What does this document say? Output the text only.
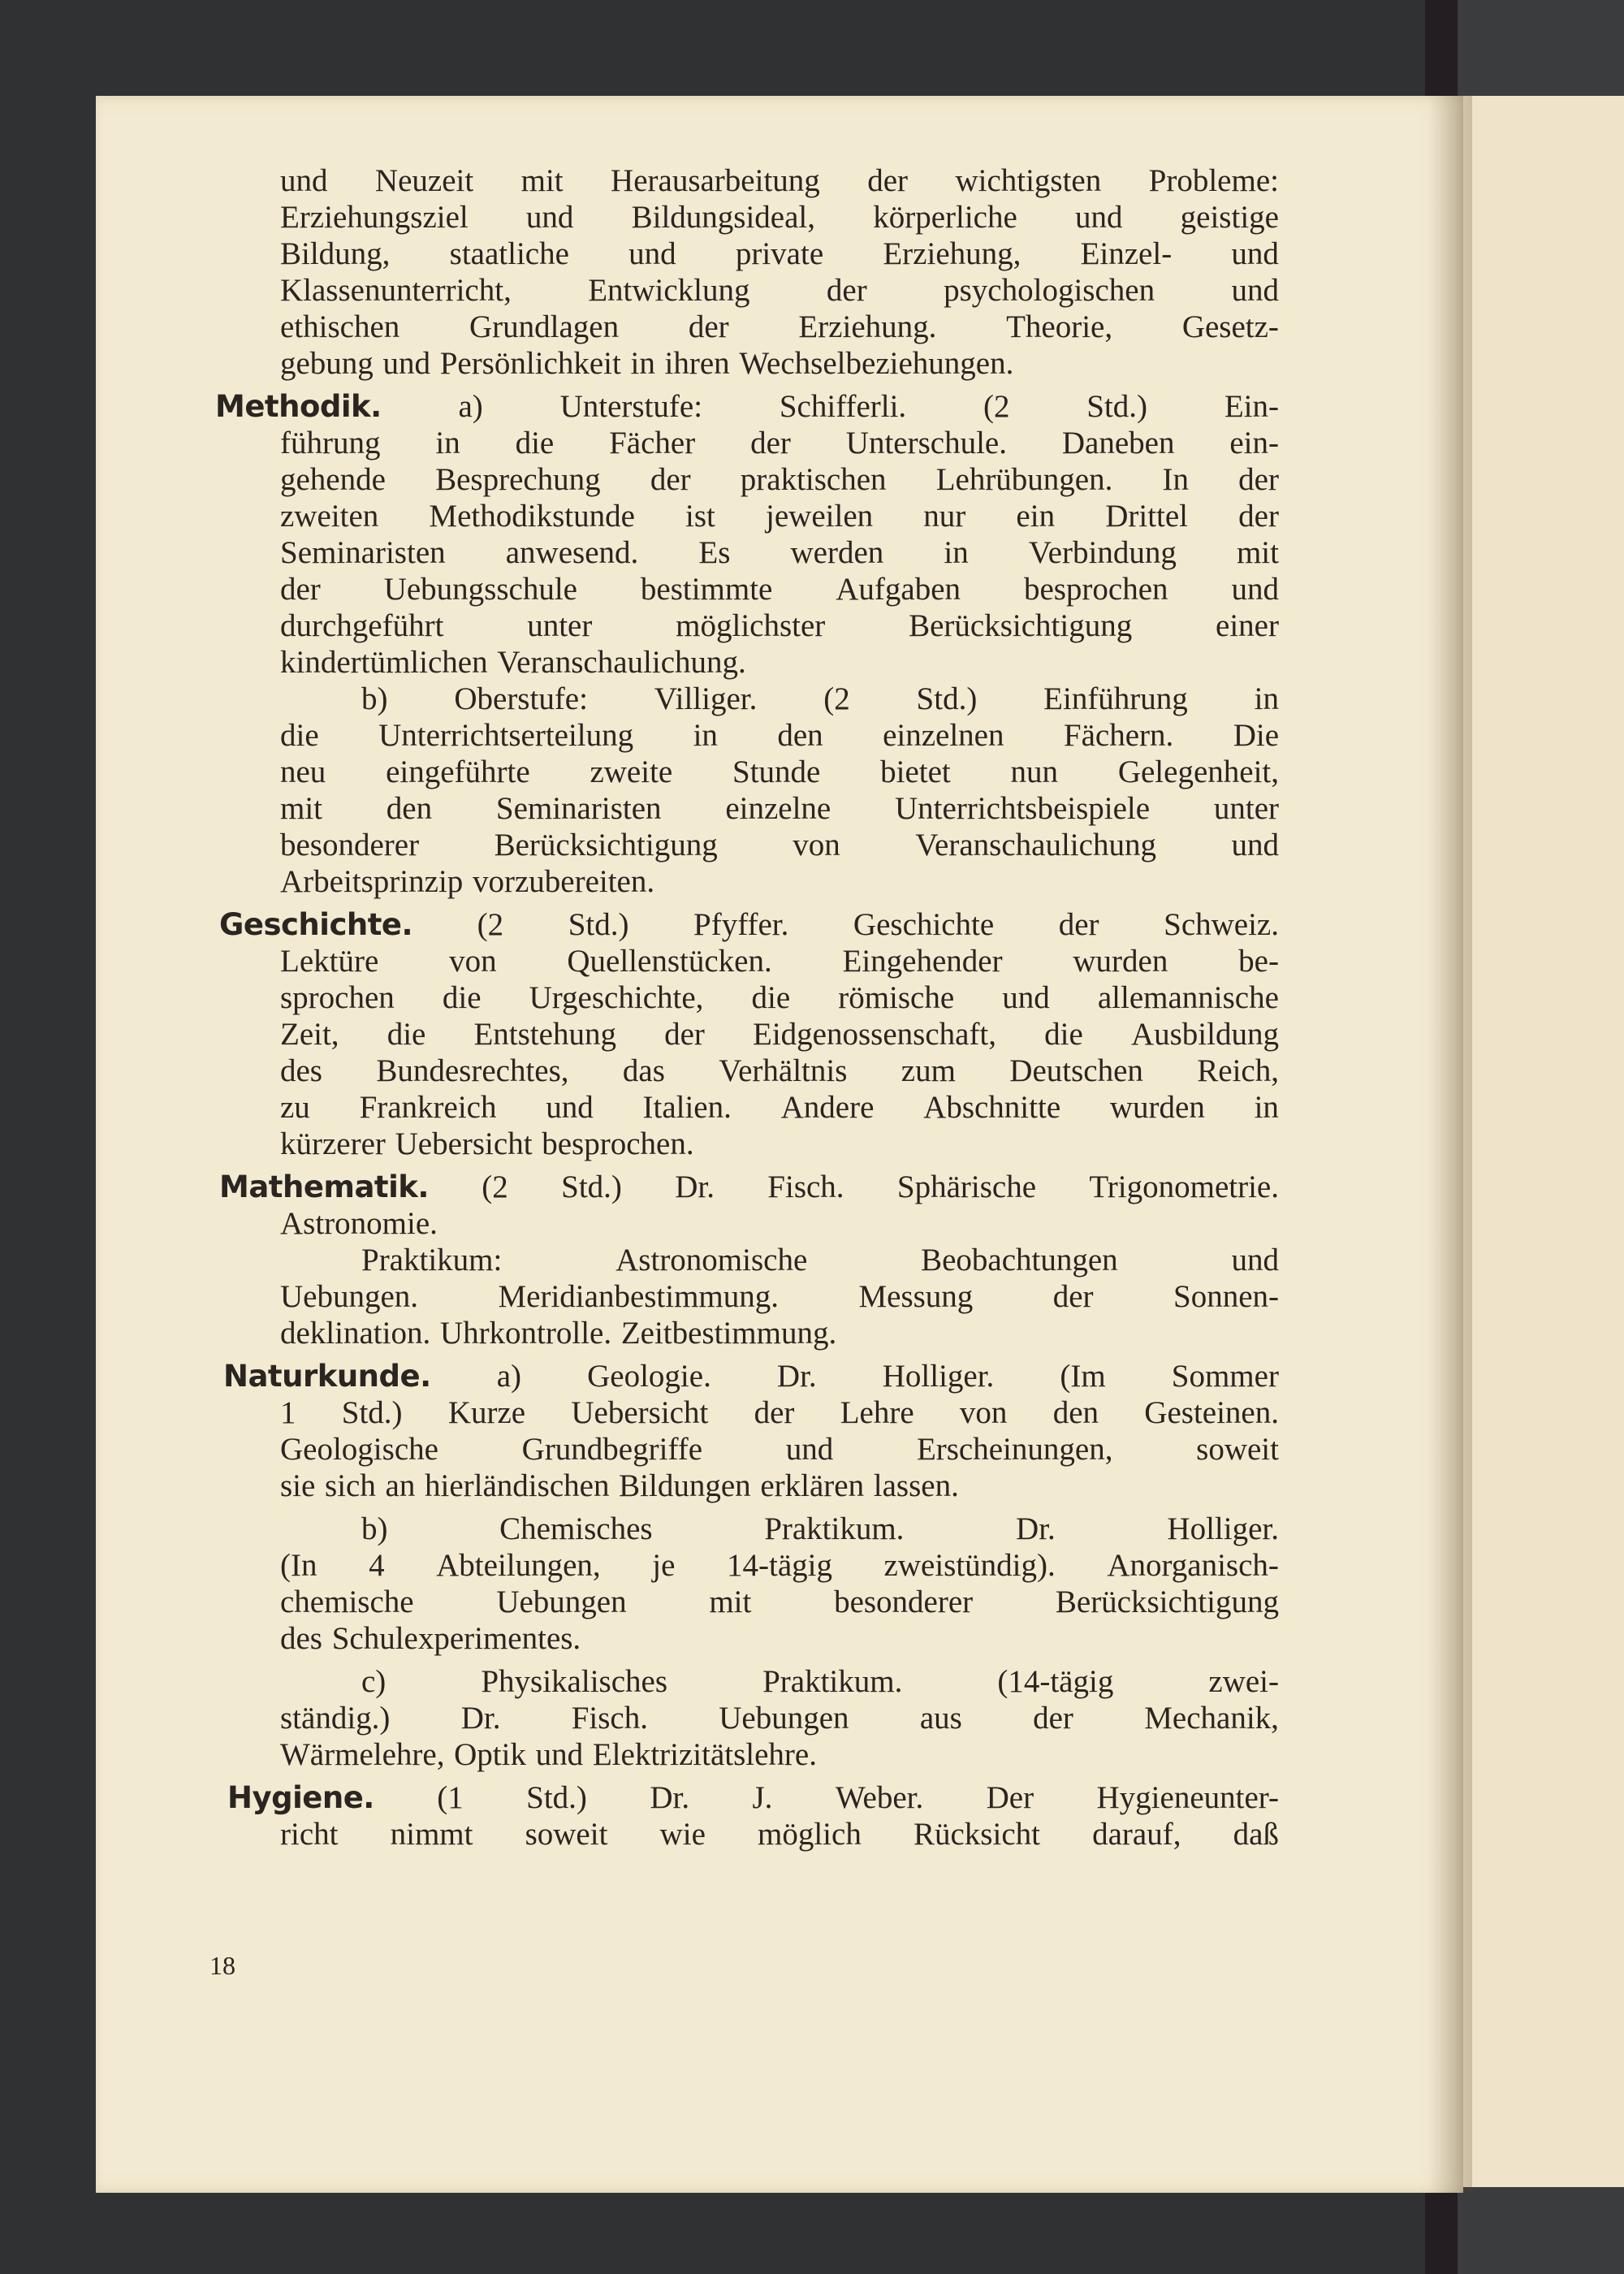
und Neuzeit mit Herausarbeitung der wichtigsten Probleme:
Erziehungsziel und Bildungsideal, körperliche und geistige
Bildung, staatliche und private Erziehung, Einzel- und
Klassenunterricht, Entwicklung der psychologischen und
ethischen Grundlagen der Erziehung. Theorie, Gesetz-
gebung und Persönlichkeit in ihren Wechselbeziehungen.
Methodik. a) Unterstufe: Schifferli. (2 Std.) Ein-
führung in die Fächer der Unterschule. Daneben ein-
gehende Besprechung der praktischen Lehrübungen. In der
zweiten Methodikstunde ist jeweilen nur ein Drittel der
Seminaristen anwesend. Es werden in Verbindung mit
der Uebungsschule bestimmte Aufgaben besprochen und
durchgeführt	unter	möglichster	Berücksichtigung	einer
kindertümlichen Veranschaulichung.
b) Oberstufe: Villiger. (2 Std.) Einführung in
die Unterrichtserteilung in den einzelnen Fächern. Die
neu eingeführte zweite Stunde bietet nun Gelegenheit,
mit den Seminaristen einzelne Unterrichtsbeispiele unter
besonderer Berücksichtigung von Veranschaulichung und
Arbeitsprinzip vorzubereiten.
Geschichte. (2 Std.) Pfyffer. Geschichte der Schweiz.
Lektüre von Quellenstücken. Eingehender wurden be-
sprochen die Urgeschichte, die römische und allemannische
Zeit, die Entstehung der Eidgenossenschaft, die Ausbildung
des Bundesrechtes, das Verhältnis zum Deutschen Reich,
zu Frankreich und Italien. Andere Abschnitte wurden in
kürzerer Uebersicht besprochen.
Mathematik. (2 Std.) Dr. Fisch. Sphärische Trigonometrie.
Astronomie.
Praktikum:	Astronomische	Beobachtungen	und
Uebungen.	Meridianbestimmung.	Messung	der	Sonnen-
deklination. Uhrkontrolle. Zeitbestimmung.
Naturkunde. a) Geologie. Dr. Holliger. (Im Sommer
1 Std.) Kurze Uebersicht der Lehre von den Gesteinen.
Geologische	Grundbegriffe	und	Erscheinungen,	soweit
sie sich an hierländischen Bildungen erklären lassen.
b)	Chemisches	Praktikum.	Dr.	Holliger.
(In 4 Abteilungen, je 14-tägig zweistündig). Anorganisch-
chemische	Uebungen	mit	besonderer	Berücksichtigung
des Schulexperimentes.
c)	Physikalisches	Praktikum.	(14-tägig	zwei-
ständig.) Dr. Fisch. Uebungen aus der Mechanik,
Wärmelehre, Optik und Elektrizitätslehre.
Hygiene. (1 Std.) Dr. J. Weber. Der Hygieneunter-
richt nimmt soweit wie möglich Rücksicht darauf, daß
18
